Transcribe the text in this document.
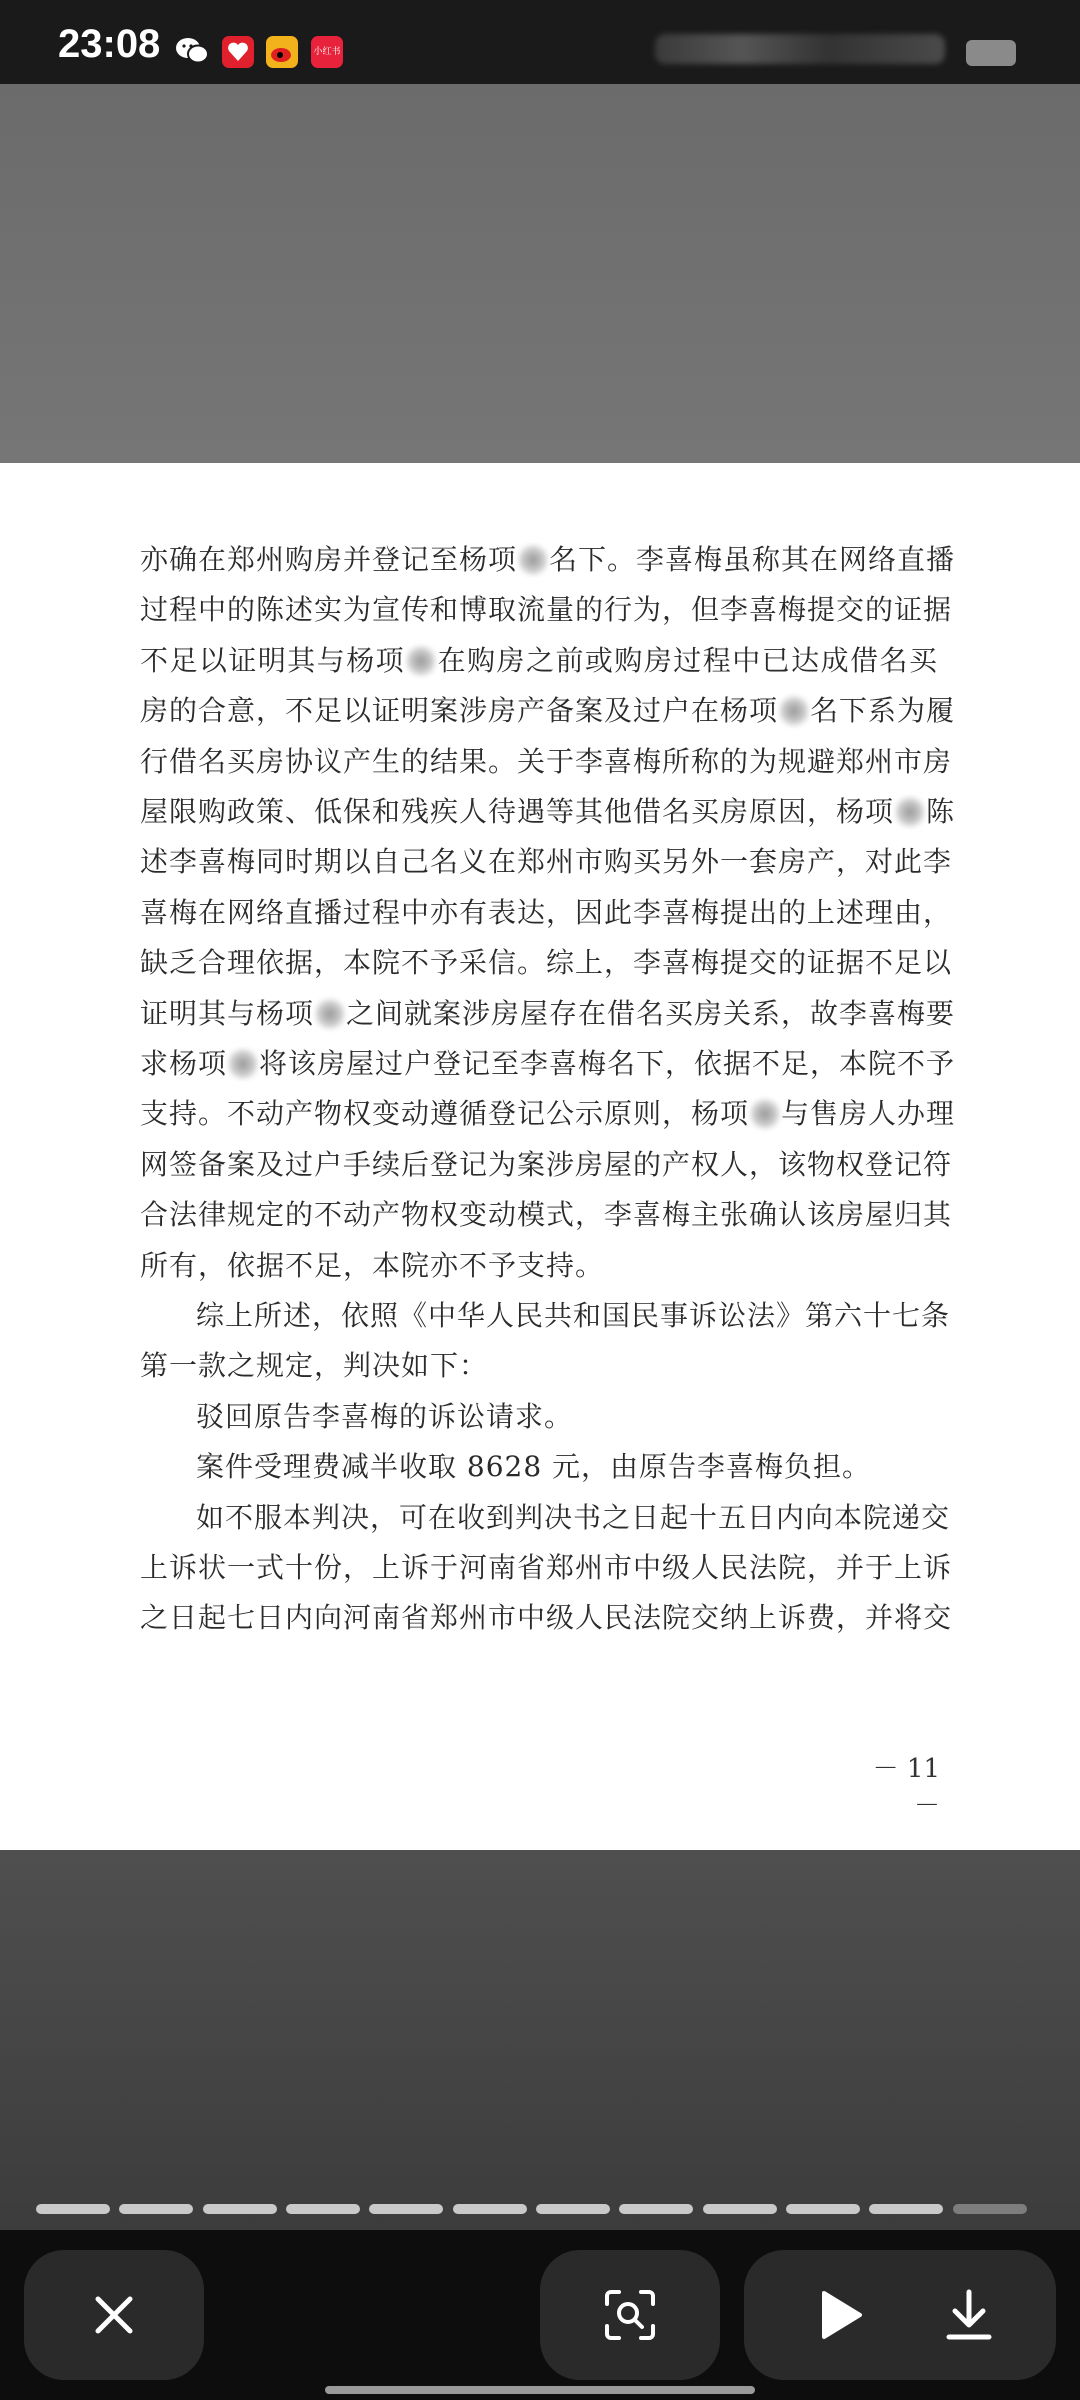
23:08	小红书
亦确在郑州购房并登记至杨项 名下。李喜梅虽称其在网络直播
过程中的陈述实为宣传和博取流量的行为，但李喜梅提交的证据
不足以证明其与杨项 在购房之前或购房过程中已达成借名买
房的合意，不足以证明案涉房产备案及过户在杨项 名下系为履
行借名买房协议产生的结果。关于李喜梅所称的为规避郑州市房
屋限购政策、低保和残疾人待遇等其他借名买房原因，杨项 陈
述李喜梅同时期以自己名义在郑州市购买另外一套房产，对此李
喜梅在网络直播过程中亦有表达，因此李喜梅提出的上述理由，
缺乏合理依据，本院不予采信。综上，李喜梅提交的证据不足以
证明其与杨项 之间就案涉房屋存在借名买房关系，故李喜梅要
求杨项 将该房屋过户登记至李喜梅名下，依据不足，本院不予
支持。不动产物权变动遵循登记公示原则，杨项 与售房人办理
网签备案及过户手续后登记为案涉房屋的产权人，该物权登记符
合法律规定的不动产物权变动模式，李喜梅主张确认该房屋归其
所有，依据不足，本院亦不予支持。
综上所述，依照《中华人民共和国民事诉讼法》第六十七条
第一款之规定，判决如下：
驳回原告李喜梅的诉讼请求。
案件受理费减半收取 8628 元，由原告李喜梅负担。
如不服本判决，可在收到判决书之日起十五日内向本院递交
上诉状一式十份，上诉于河南省郑州市中级人民法院，并于上诉
之日起七日内向河南省郑州市中级人民法院交纳上诉费，并将交
－ 11 －
